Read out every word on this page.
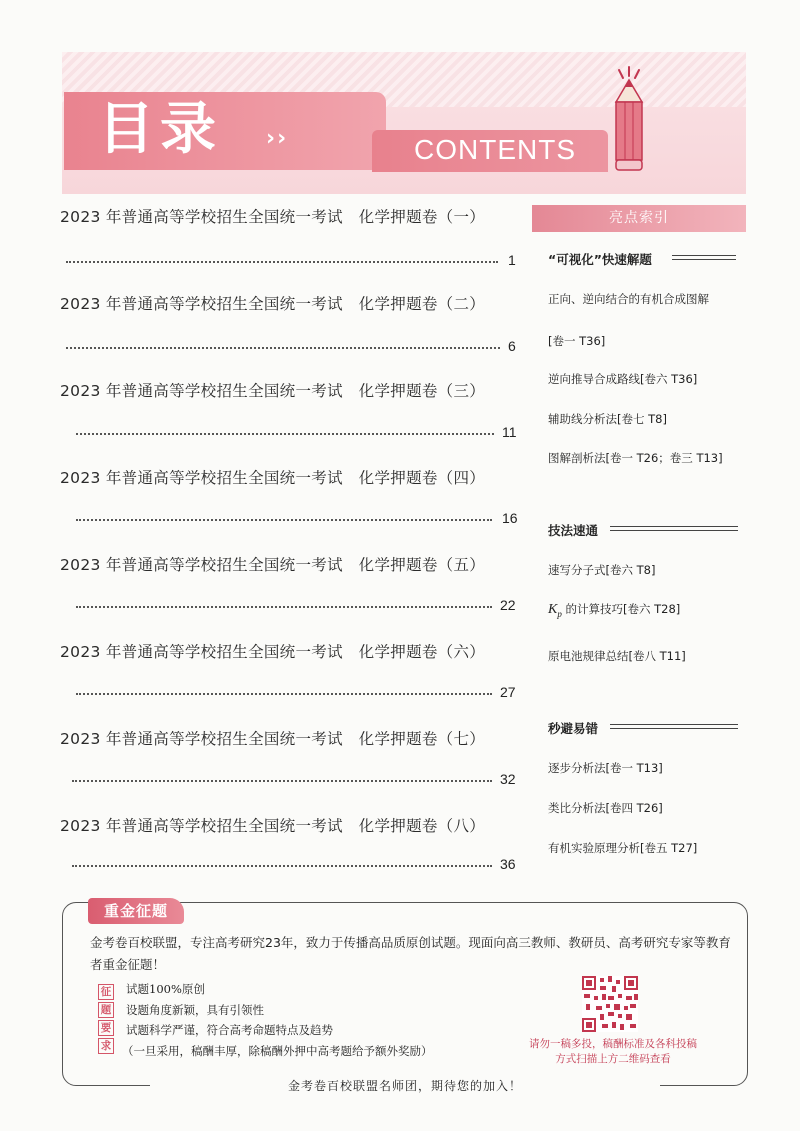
目录 ››	CONTENTS
2023 年普通高等学校招生全国统一考试　化学押题卷（一）
1
2023 年普通高等学校招生全国统一考试　化学押题卷（二）
6
2023 年普通高等学校招生全国统一考试　化学押题卷（三）
11
2023 年普通高等学校招生全国统一考试　化学押题卷（四）
16
2023 年普通高等学校招生全国统一考试　化学押题卷（五）
22
2023 年普通高等学校招生全国统一考试　化学押题卷（六）
27
2023 年普通高等学校招生全国统一考试　化学押题卷（七）
32
2023 年普通高等学校招生全国统一考试　化学押题卷（八）
36
亮点索引
“可视化”快速解题
正向、逆向结合的有机合成图解
[卷一 T36]
逆向推导合成路线[卷六 T36]
辅助线分析法[卷七 T8]
图解剖析法[卷一 T26；卷三 T13]
技法速通
速写分子式[卷六 T8]
$K_p$ 的计算技巧[卷六 T28]
原电池规律总结[卷八 T11]
秒避易错
逐步分析法[卷一 T13]
类比分析法[卷四 T26]
有机实验原理分析[卷五 T27]
重金征题
金考卷百校联盟，专注高考研究23年，致力于传播高品质原创试题。现面向高三教师、教研员、高考研究专家等教育者重金征题！
征
题
要
求
试题100%原创
设题角度新颖，具有引领性
试题科学严谨，符合高考命题特点及趋势
（一旦采用，稿酬丰厚，除稿酬外押中高考题给予额外奖励）	请勿一稿多投，稿酬标准及各科投稿
方式扫描上方二维码查看
金考卷百校联盟名师团，期待您的加入！
